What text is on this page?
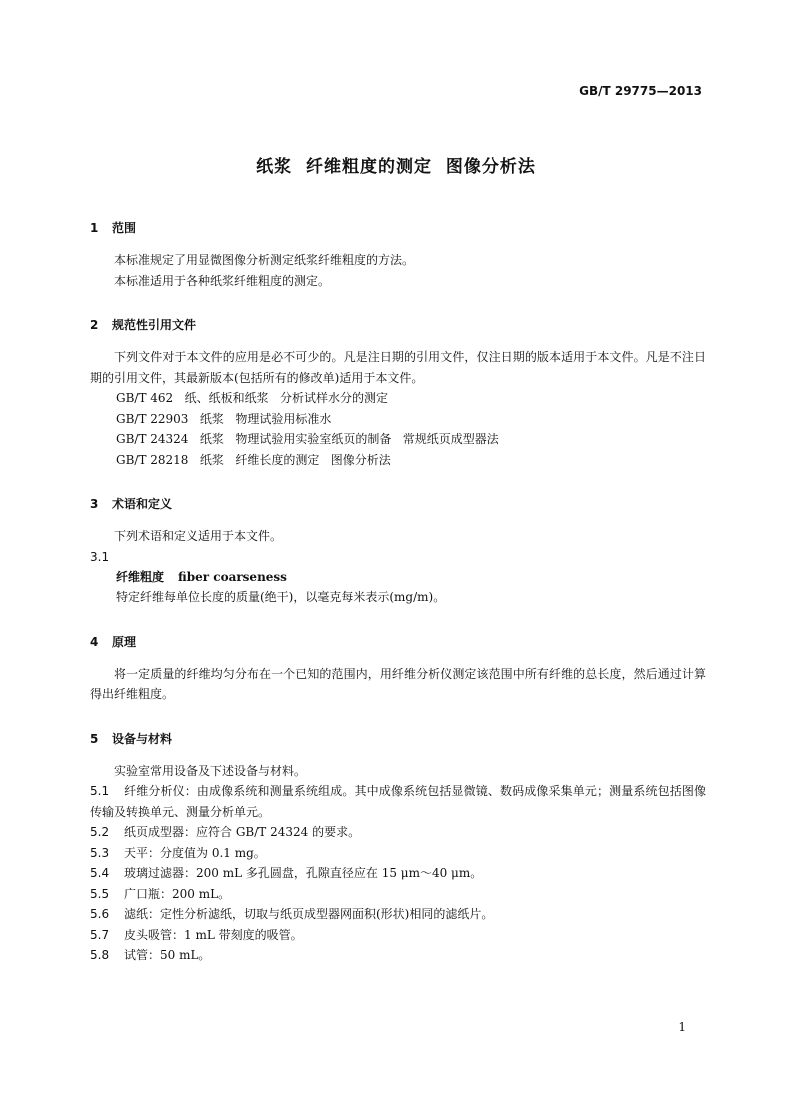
GB/T 29775—2013
纸浆  纤维粗度的测定  图像分析法
1 范围
本标准规定了用显微图像分析测定纸浆纤维粗度的方法。
本标准适用于各种纸浆纤维粗度的测定。
2 规范性引用文件
下列文件对于本文件的应用是必不可少的。凡是注日期的引用文件，仅注日期的版本适用于本文件。凡是不注日期的引用文件，其最新版本(包括所有的修改单)适用于本文件。
GB/T 462   纸、纸板和纸浆   分析试样水分的测定
GB/T 22903   纸浆   物理试验用标准水
GB/T 24324   纸浆   物理试验用实验室纸页的制备   常规纸页成型器法
GB/T 28218   纸浆   纤维长度的测定   图像分析法
3 术语和定义
下列术语和定义适用于本文件。
3.1
纤维粗度 fiber coarseness
特定纤维每单位长度的质量(绝干)，以毫克每米表示(mg/m)。
4 原理
将一定质量的纤维均匀分布在一个已知的范围内，用纤维分析仪测定该范围中所有纤维的总长度，然后通过计算得出纤维粗度。
5 设备与材料
实验室常用设备及下述设备与材料。
5.1 纤维分析仪：由成像系统和测量系统组成。其中成像系统包括显微镜、数码成像采集单元；测量系统包括图像传输及转换单元、测量分析单元。
5.2 纸页成型器：应符合 GB/T 24324 的要求。
5.3 天平：分度值为 0.1 mg。
5.4 玻璃过滤器：200 mL 多孔圆盘，孔隙直径应在 15 μm～40 μm。
5.5 广口瓶：200 mL。
5.6 滤纸：定性分析滤纸，切取与纸页成型器网面积(形状)相同的滤纸片。
5.7 皮头吸管：1 mL 带刻度的吸管。
5.8 试管：50 mL。
1
